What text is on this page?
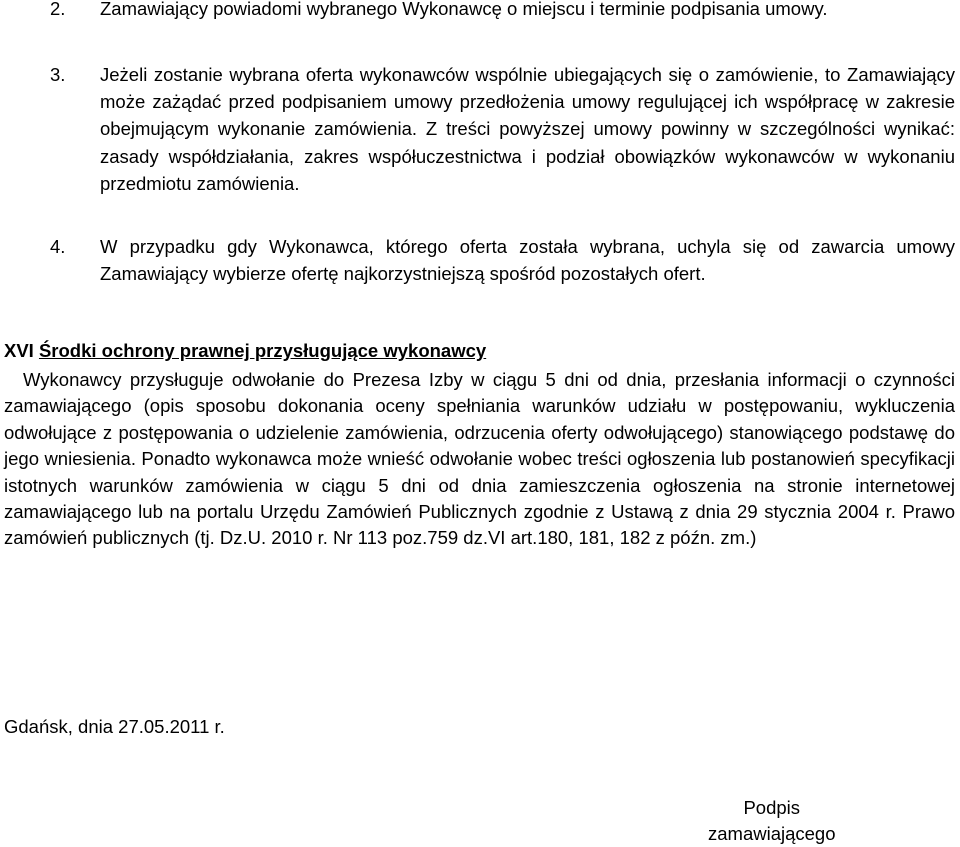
2. Zamawiający powiadomi wybranego Wykonawcę o miejscu i terminie podpisania umowy.
3. Jeżeli zostanie wybrana oferta wykonawców wspólnie ubiegających się o zamówienie, to Zamawiający może zażądać przed podpisaniem umowy przedłożenia umowy regulującej ich współpracę w zakresie obejmującym wykonanie zamówienia. Z treści powyższej umowy powinny w szczególności wynikać: zasady współdziałania, zakres współuczestnictwa i podział obowiązków wykonawców w wykonaniu przedmiotu zamówienia.
4. W przypadku gdy Wykonawca, którego oferta została wybrana, uchyla się od zawarcia umowy Zamawiający wybierze ofertę najkorzystniejszą spośród pozostałych ofert.
XVI Środki ochrony prawnej przysługujące wykonawcy
Wykonawcy przysługuje odwołanie do Prezesa Izby w ciągu 5 dni od dnia, przesłania informacji o czynności zamawiającego (opis sposobu dokonania oceny spełniania warunków udziału w postępowaniu, wykluczenia odwołujące z postępowania o udzielenie zamówienia, odrzucenia oferty odwołującego) stanowiącego podstawę do jego wniesienia. Ponadto wykonawca może wnieść odwołanie wobec treści ogłoszenia lub postanowień specyfikacji istotnych warunków zamówienia w ciągu 5 dni od dnia zamieszczenia ogłoszenia na stronie internetowej zamawiającego lub na portalu Urzędu Zamówień Publicznych zgodnie z Ustawą z dnia 29 stycznia 2004 r. Prawo zamówień publicznych (tj. Dz.U. 2010 r. Nr 113 poz.759 dz.VI art.180, 181, 182 z późn. zm.)
Gdańsk, dnia 27.05.2011 r.
Podpis
zamawiającego
